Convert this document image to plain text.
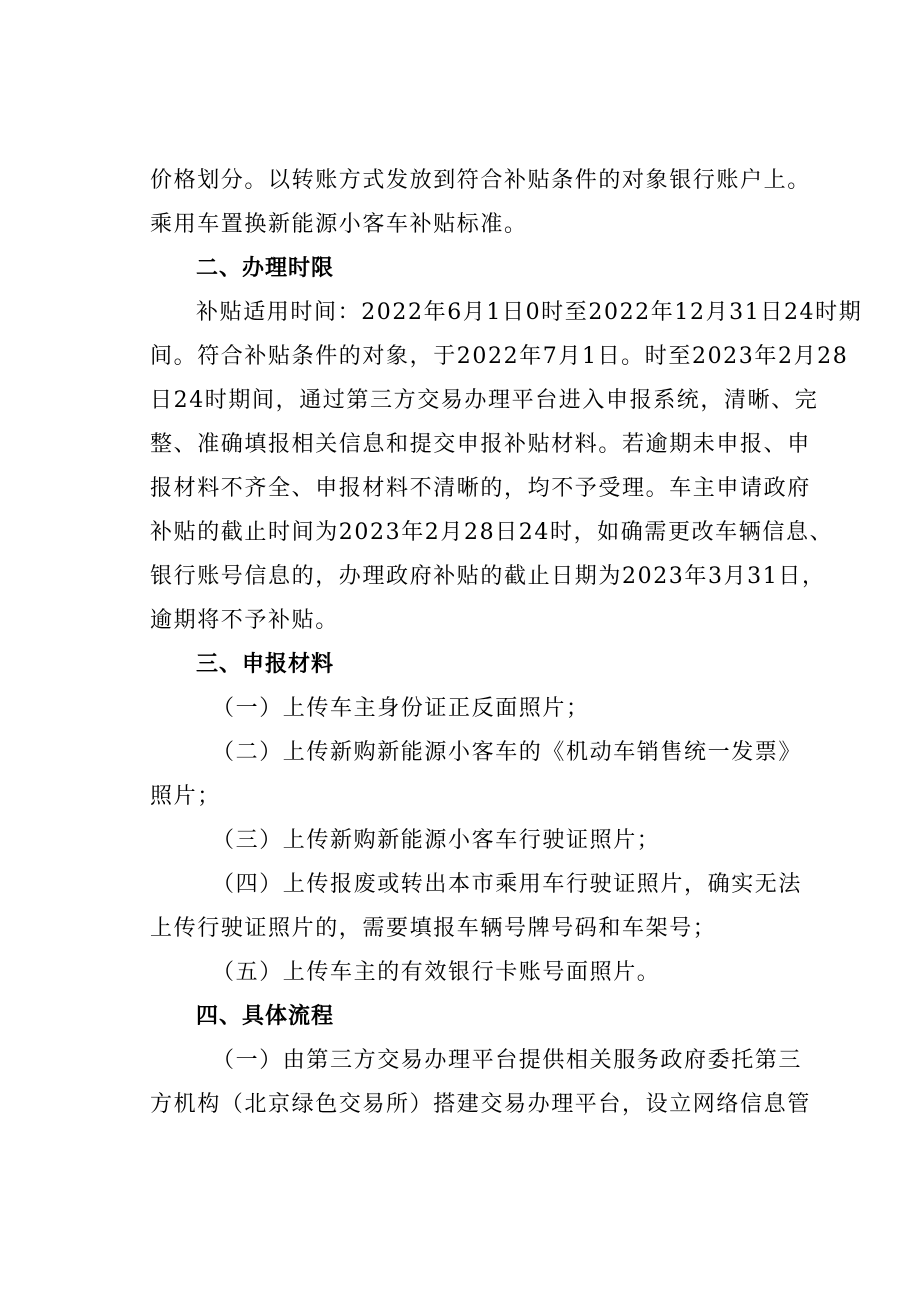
价格划分。以转账方式发放到符合补贴条件的对象银行账户上。
乘用车置换新能源小客车补贴标准。
二、办理时限
补贴适用时间：2022年6月1日0时至2022年12月31日24时期
间。符合补贴条件的对象，于2022年7月1日。时至2023年2月28
日24时期间，通过第三方交易办理平台进入申报系统，清晰、完
整、准确填报相关信息和提交申报补贴材料。若逾期未申报、申
报材料不齐全、申报材料不清晰的，均不予受理。车主申请政府
补贴的截止时间为2023年2月28日24时，如确需更改车辆信息、
银行账号信息的，办理政府补贴的截止日期为2023年3月31日，
逾期将不予补贴。
三、申报材料
（一）上传车主身份证正反面照片；
（二）上传新购新能源小客车的《机动车销售统一发票》
照片；
（三）上传新购新能源小客车行驶证照片；
（四）上传报废或转出本市乘用车行驶证照片，确实无法
上传行驶证照片的，需要填报车辆号牌号码和车架号；
（五）上传车主的有效银行卡账号面照片。
四、具体流程
（一）由第三方交易办理平台提供相关服务政府委托第三
方机构（北京绿色交易所）搭建交易办理平台，设立网络信息管
